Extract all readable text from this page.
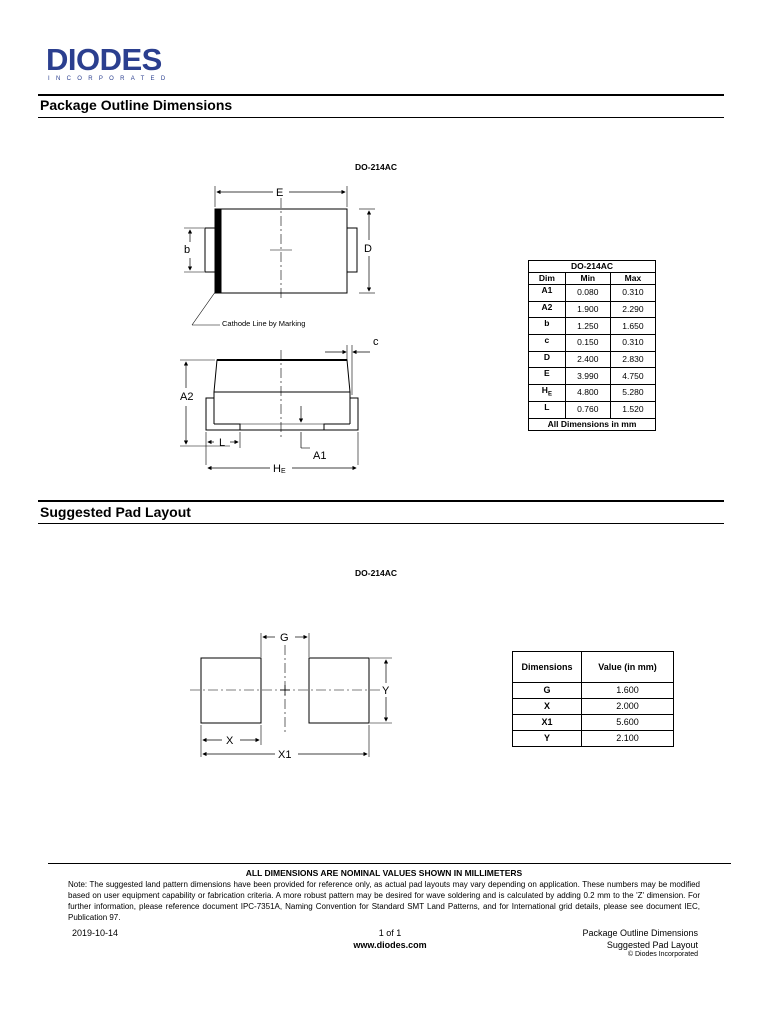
DIODES
INCORPORATED
Package Outline Dimensions
DO-214AC
E
b	D
c
A2
L
A1
HE
Cathode Line by Marking
DO-214AC		
Dim	Min	Max
A1	0.080	0.310
A2	1.900	2.290
b	1.250	1.650
c	0.150	0.310
D	2.400	2.830
E	3.990	4.750
$H_E$	4.800	5.280
L	0.760	1.520
All Dimensions in mm		
Suggested Pad Layout
DO-214AC
G
Y
X
X1
Dimensions	Value (in mm)
G	1.600
X	2.000
X1	5.600
Y	2.100
ALL DIMENSIONS ARE NOMINAL VALUES SHOWN IN MILLIMETERS
Note: The suggested land pattern dimensions have been provided for reference only, as actual pad layouts may vary depending on application. These numbers may be modified based on user equipment capability or fabrication criteria. A more robust pattern may be desired for wave soldering and is calculated by adding 0.2 mm to the 'Z' dimension. For further information, please reference document IPC-7351A, Naming Convention for Standard SMT Land Patterns, and for International grid details, please see document IEC, Publication 97.
2019-10-14	1 of 1
www.diodes.com
Package Outline Dimensions
Suggested Pad Layout
© Diodes Incorporated
